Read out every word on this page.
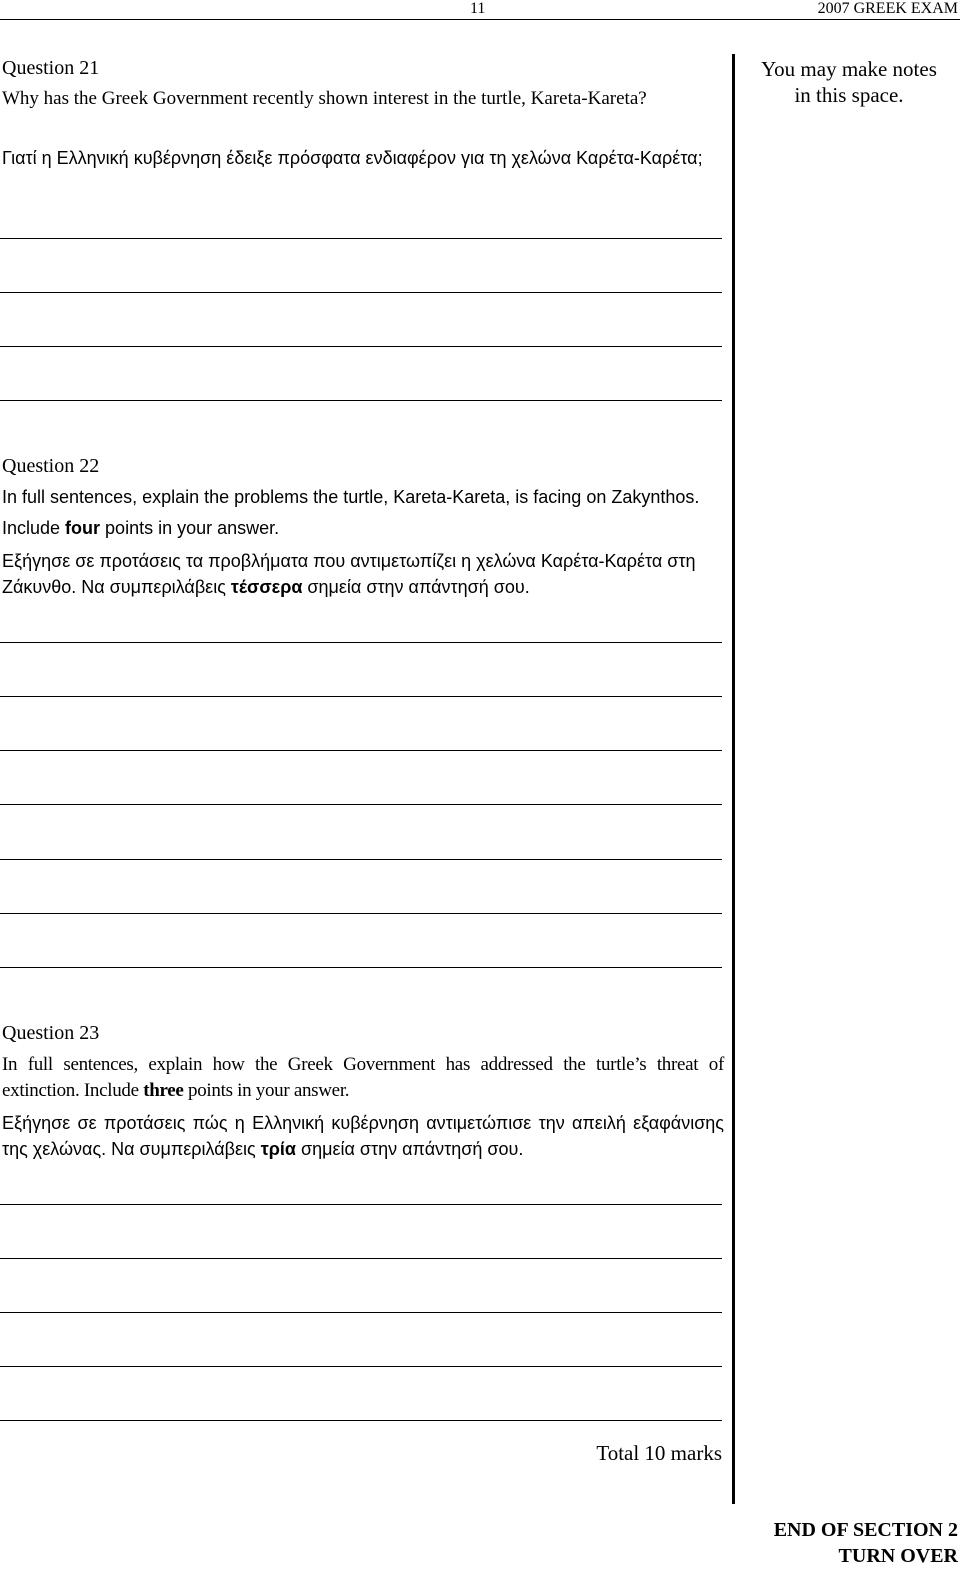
11	2007 GREEK EXAM
You may make notes
in this space.
Question 21
Why has the Greek Government recently shown interest in the turtle, Kareta-Kareta?
Γιατί η Ελληνική κυβέρνηση έδειξε πρόσφατα ενδιαφέρον για τη χελώνα Καρέτα-Καρέτα;
Question 22
In full sentences, explain the problems the turtle, Kareta-Kareta, is facing on Zakynthos. Include four points in your answer.
Εξήγησε σε προτάσεις τα προβλήματα που αντιμετωπίζει η χελώνα Καρέτα-Καρέτα στη Ζάκυνθο. Να συμπεριλάβεις τέσσερα σημεία στην απάντησή σου.
Question 23
In full sentences, explain how the Greek Government has addressed the turtle’s threat of extinction. Include three points in your answer.
Εξήγησε σε προτάσεις πώς η Ελληνική κυβέρνηση αντιμετώπισε την απειλή εξαφάνισης της χελώνας. Να συμπεριλάβεις τρία σημεία στην απάντησή σου.
Total 10 marks
END OF SECTION 2
TURN OVER
